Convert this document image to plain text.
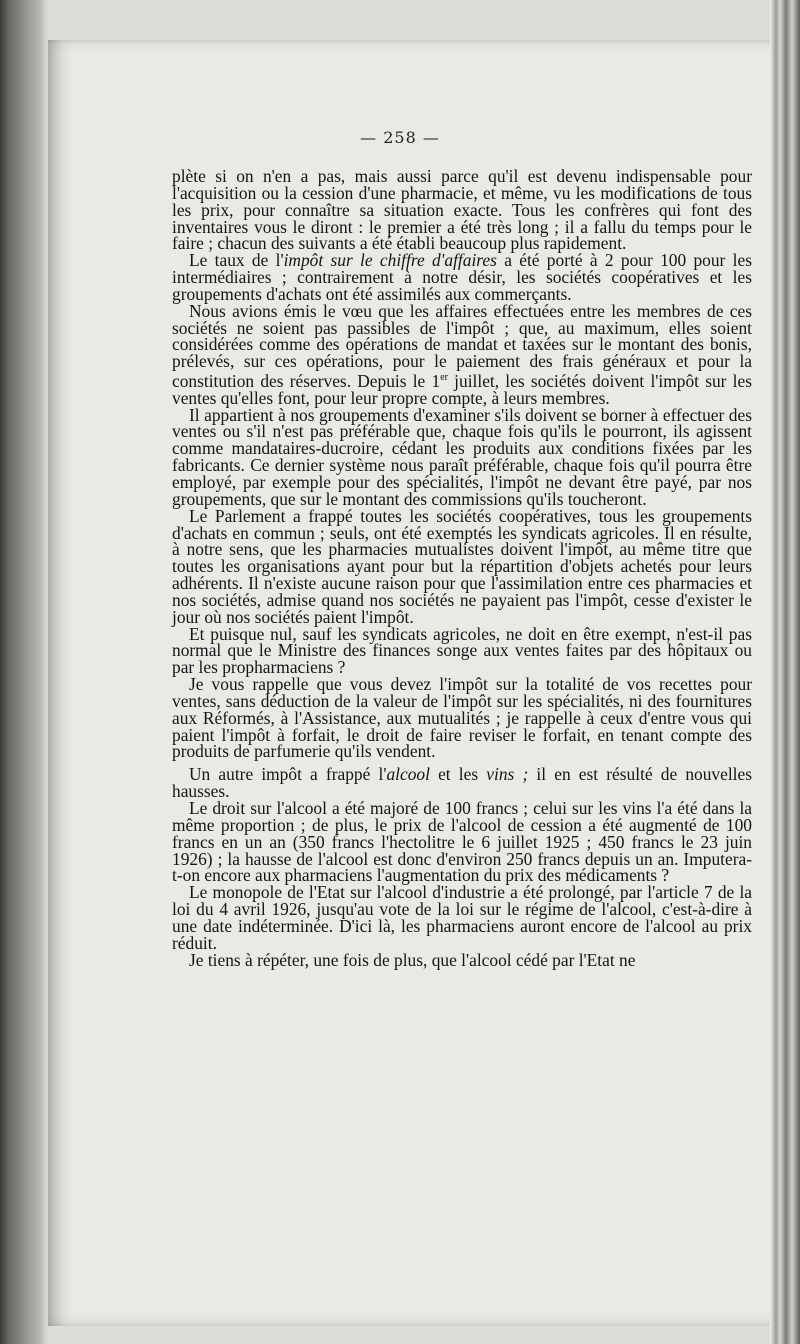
— 258 —

plète si on n'en a pas, mais aussi parce qu'il est devenu indispensable pour l'acquisition ou la cession d'une pharmacie, et même, vu les modifications de tous les prix, pour connaître sa situation exacte. Tous les confrères qui font des inventaires vous le diront : le premier a été très long ; il a fallu du temps pour le faire ; chacun des suivants a été établi beaucoup plus rapidement.

Le taux de l'impôt sur le chiffre d'affaires a été porté à 2 pour 100 pour les intermédiaires ; contrairement à notre désir, les sociétés coopératives et les groupements d'achats ont été assimilés aux commerçants.

Nous avions émis le vœu que les affaires effectuées entre les membres de ces sociétés ne soient pas passibles de l'impôt ; que, au maximum, elles soient considérées comme des opérations de mandat et taxées sur le montant des bonis, prélevés, sur ces opérations, pour le paiement des frais généraux et pour la constitution des réserves. Depuis le 1er juillet, les sociétés doivent l'impôt sur les ventes qu'elles font, pour leur propre compte, à leurs membres.

Il appartient à nos groupements d'examiner s'ils doivent se borner à effectuer des ventes ou s'il n'est pas préférable que, chaque fois qu'ils le pourront, ils agissent comme mandataires-ducroire, cédant les produits aux conditions fixées par les fabricants. Ce dernier système nous paraît préférable, chaque fois qu'il pourra être employé, par exemple pour des spécialités, l'impôt ne devant être payé, par nos groupements, que sur le montant des commissions qu'ils toucheront.

Le Parlement a frappé toutes les sociétés coopératives, tous les groupements d'achats en commun ; seuls, ont été exemptés les syndicats agricoles. Il en résulte, à notre sens, que les pharmacies mutualistes doivent l'impôt, au même titre que toutes les organisations ayant pour but la répartition d'objets achetés pour leurs adhérents. Il n'existe aucune raison pour que l'assimilation entre ces pharmacies et nos sociétés, admise quand nos sociétés ne payaient pas l'impôt, cesse d'exister le jour où nos sociétés paient l'impôt.

Et puisque nul, sauf les syndicats agricoles, ne doit en être exempt, n'est-il pas normal que le Ministre des finances songe aux ventes faites par des hôpitaux ou par les propharmaciens ?

Je vous rappelle que vous devez l'impôt sur la totalité de vos recettes pour ventes, sans déduction de la valeur de l'impôt sur les spécialités, ni des fournitures aux Réformés, à l'Assistance, aux mutualités ; je rappelle à ceux d'entre vous qui paient l'impôt à forfait, le droit de faire reviser le forfait, en tenant compte des produits de parfumerie qu'ils vendent.

Un autre impôt a frappé l'alcool et les vins ; il en est résulté de nouvelles hausses.

Le droit sur l'alcool a été majoré de 100 francs ; celui sur les vins l'a été dans la même proportion ; de plus, le prix de l'alcool de cession a été augmenté de 100 francs en un an (350 francs l'hectolitre le 6 juillet 1925 ; 450 francs le 23 juin 1926) ; la hausse de l'alcool est donc d'environ 250 francs depuis un an. Imputera-t-on encore aux pharmaciens l'augmentation du prix des médicaments ?

Le monopole de l'Etat sur l'alcool d'industrie a été prolongé, par l'article 7 de la loi du 4 avril 1926, jusqu'au vote de la loi sur le régime de l'alcool, c'est-à-dire à une date indéterminée. D'ici là, les pharmaciens auront encore de l'alcool au prix réduit.

Je tiens à répéter, une fois de plus, que l'alcool cédé par l'Etat ne
